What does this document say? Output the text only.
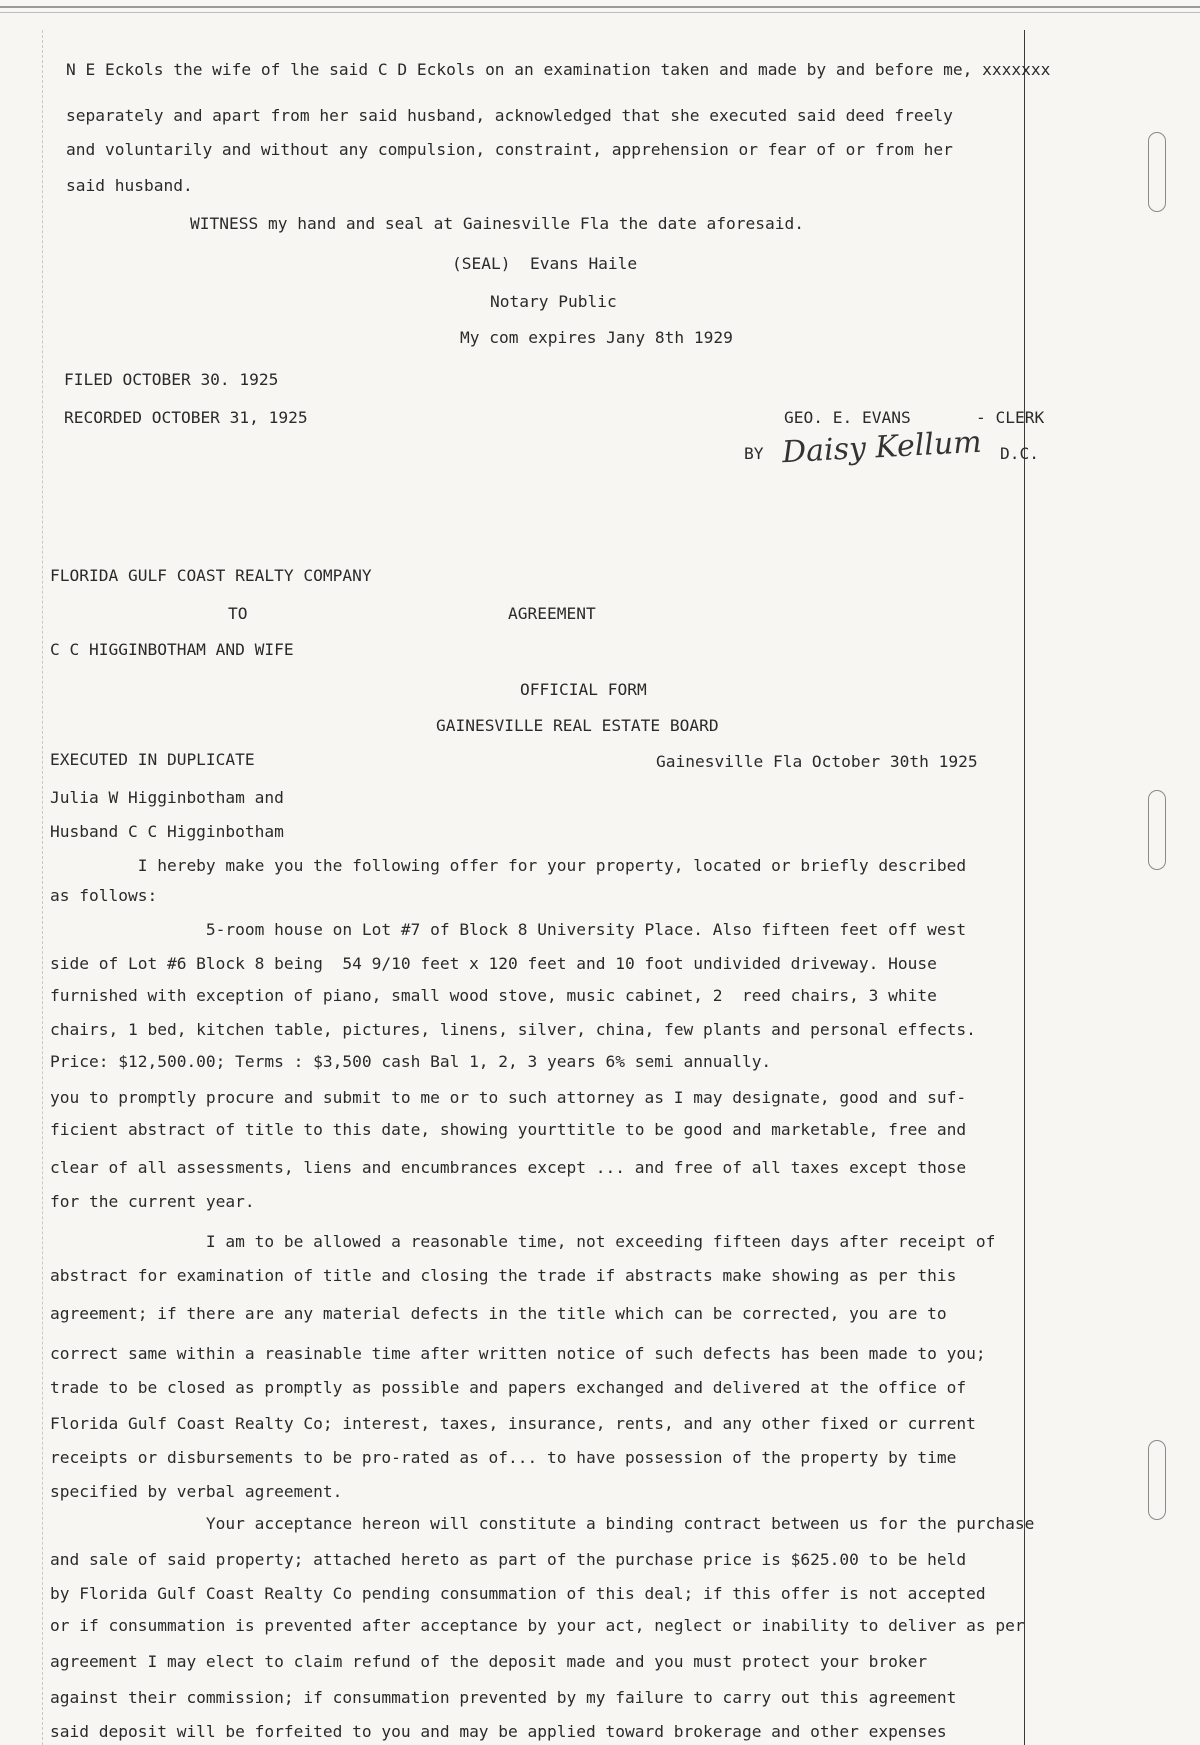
N E Eckols the wife of lhe said C D Eckols on an examination taken and made by and before me, xxxxxxx
separately and apart from her said husband, acknowledged that she executed said deed freely
and voluntarily and without any compulsion, constraint, apprehension or fear of or from her
said husband.
WITNESS my hand and seal at Gainesville Fla the date aforesaid.
(SEAL)  Evans Haile
Notary Public
My com expires Jany 8th 1929
FILED OCTOBER 30. 1925
RECORDED OCTOBER 31, 1925	GEO. E. EVANS	- CLERK
BY Daisy Kellum D.C.
FLORIDA GULF COAST REALTY COMPANY
TO	AGREEMENT
C C HIGGINBOTHAM AND WIFE
OFFICIAL FORM
GAINESVILLE REAL ESTATE BOARD
EXECUTED IN DUPLICATE	Gainesville Fla October 30th 1925
Julia W Higginbotham and
Husband C C Higginbotham
I hereby make you the following offer for your property, located or briefly described
as follows:
5-room house on Lot #7 of Block 8 University Place. Also fifteen feet off west
side of Lot #6 Block 8 being  54 9/10 feet x 120 feet and 10 foot undivided driveway. House
furnished with exception of piano, small wood stove, music cabinet, 2  reed chairs, 3 white
chairs, 1 bed, kitchen table, pictures, linens, silver, china, few plants and personal effects.
Price: $12,500.00; Terms : $3,500 cash Bal 1, 2, 3 years 6% semi annually.
you to promptly procure and submit to me or to such attorney as I may designate, good and suf-
ficient abstract of title to this date, showing yourttitle to be good and marketable, free and
clear of all assessments, liens and encumbrances except ... and free of all taxes except those
for the current year.
I am to be allowed a reasonable time, not exceeding fifteen days after receipt of
abstract for examination of title and closing the trade if abstracts make showing as per this
agreement; if there are any material defects in the title which can be corrected, you are to
correct same within a reasinable time after written notice of such defects has been made to you;
trade to be closed as promptly as possible and papers exchanged and delivered at the office of
Florida Gulf Coast Realty Co; interest, taxes, insurance, rents, and any other fixed or current
receipts or disbursements to be pro-rated as of... to have possession of the property by time
specified by verbal agreement.
Your acceptance hereon will constitute a binding contract between us for the purchase
and sale of said property; attached hereto as part of the purchase price is $625.00 to be held
by Florida Gulf Coast Realty Co pending consummation of this deal; if this offer is not accepted
or if consummation is prevented after acceptance by your act, neglect or inability to deliver as per
agreement I may elect to claim refund of the deposit made and you must protect your broker
against their commission; if consummation prevented by my failure to carry out this agreement
said deposit will be forfeited to you and may be applied toward brokerage and other expenses
